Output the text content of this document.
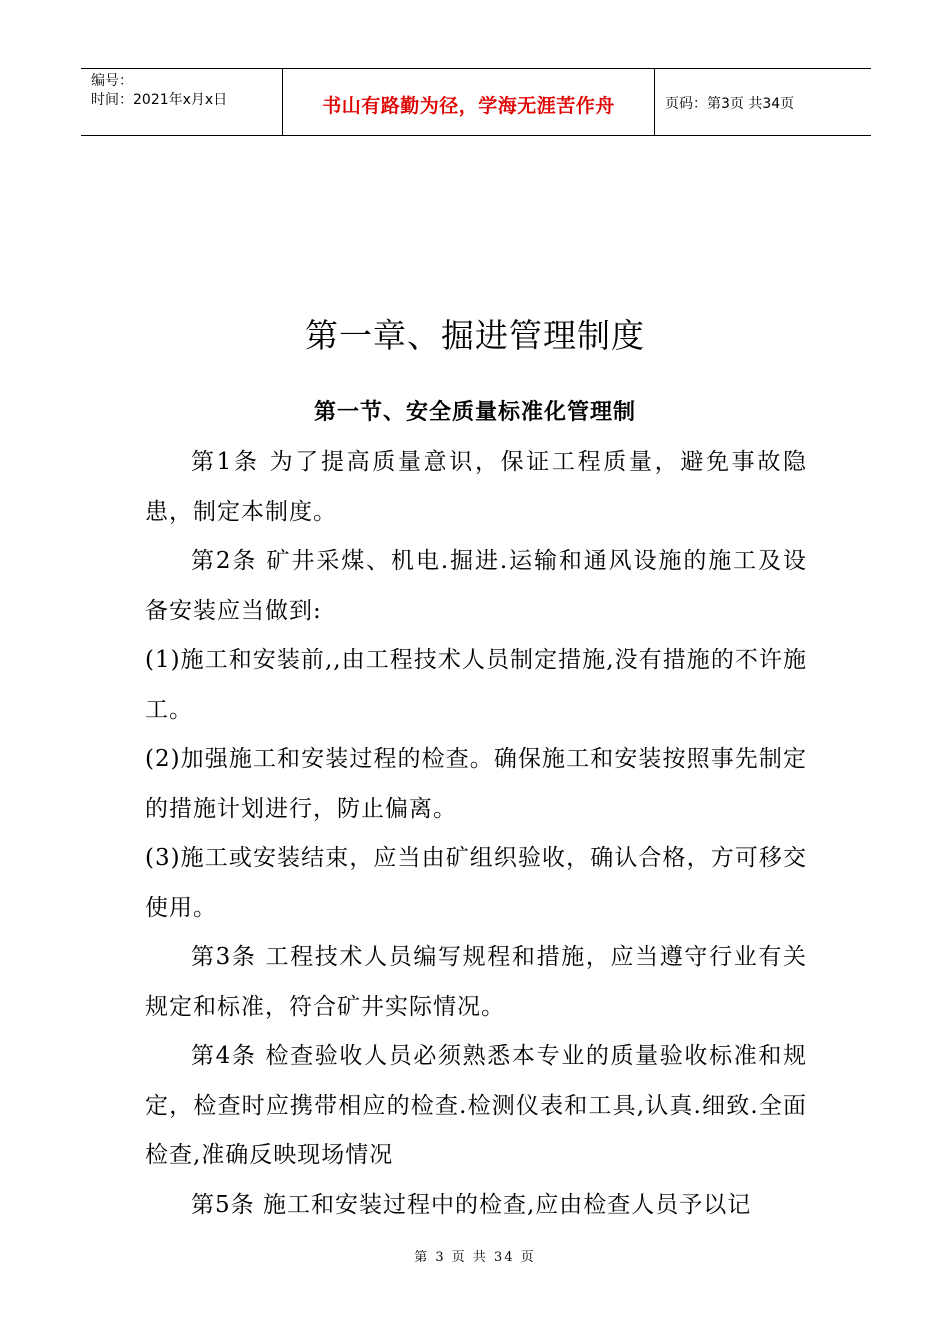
编号：
时间：2021年x月x日	书山有路勤为径，学海无涯苦作舟	页码：第3页 共34页
第一章、掘进管理制度
第一节、安全质量标准化管理制

第1条 为了提高质量意识，保证工程质量，避免事故隐患，制定本制度。

第2条 矿井采煤、机电.掘进.运输和通风设施的施工及设备安装应当做到:

(1)施工和安装前,,由工程技术人员制定措施,没有措施的不许施工。

(2)加强施工和安装过程的检查。确保施工和安装按照事先制定的措施计划进行，防止偏离。

(3)施工或安装结束，应当由矿组织验收，确认合格，方可移交使用。

第3条 工程技术人员编写规程和措施，应当遵守行业有关规定和标准，符合矿井实际情况。

第4条 检查验收人员必须熟悉本专业的质量验收标准和规定，检查时应携带相应的检查.检测仪表和工具,认真.细致.全面检查,准确反映现场情况

第5条 施工和安装过程中的检查,应由检查人员予以记

第 3 页 共 34 页
